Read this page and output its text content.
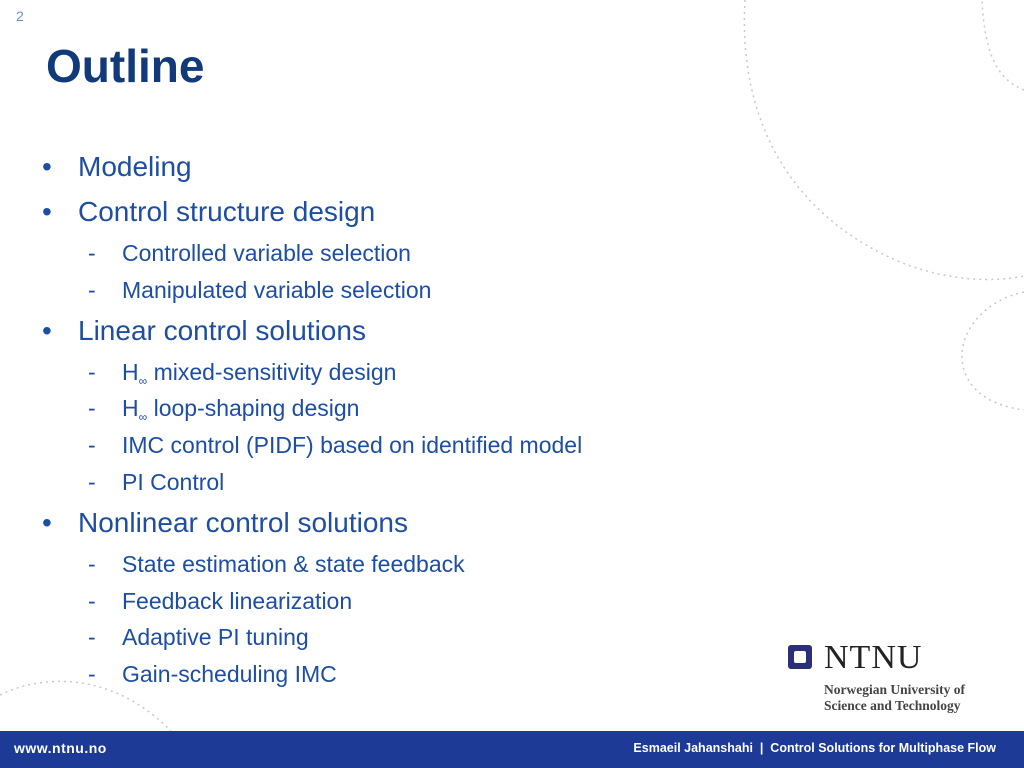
2
Outline
• Modeling
• Control structure design
- Controlled variable selection
- Manipulated variable selection
• Linear control solutions
- $H_\infty$ mixed-sensitivity design
- $H_\infty$ loop-shaping design
- IMC control (PIDF) based on identified model
- PI Control
• Nonlinear control solutions
- State estimation & state feedback
- Feedback linearization
- Adaptive PI tuning
- Gain-scheduling IMC	NTNU
Norwegian University of
Science and Technology
www.ntnu.no	Esmaeil Jahanshahi  |  Control Solutions for Multiphase Flow
